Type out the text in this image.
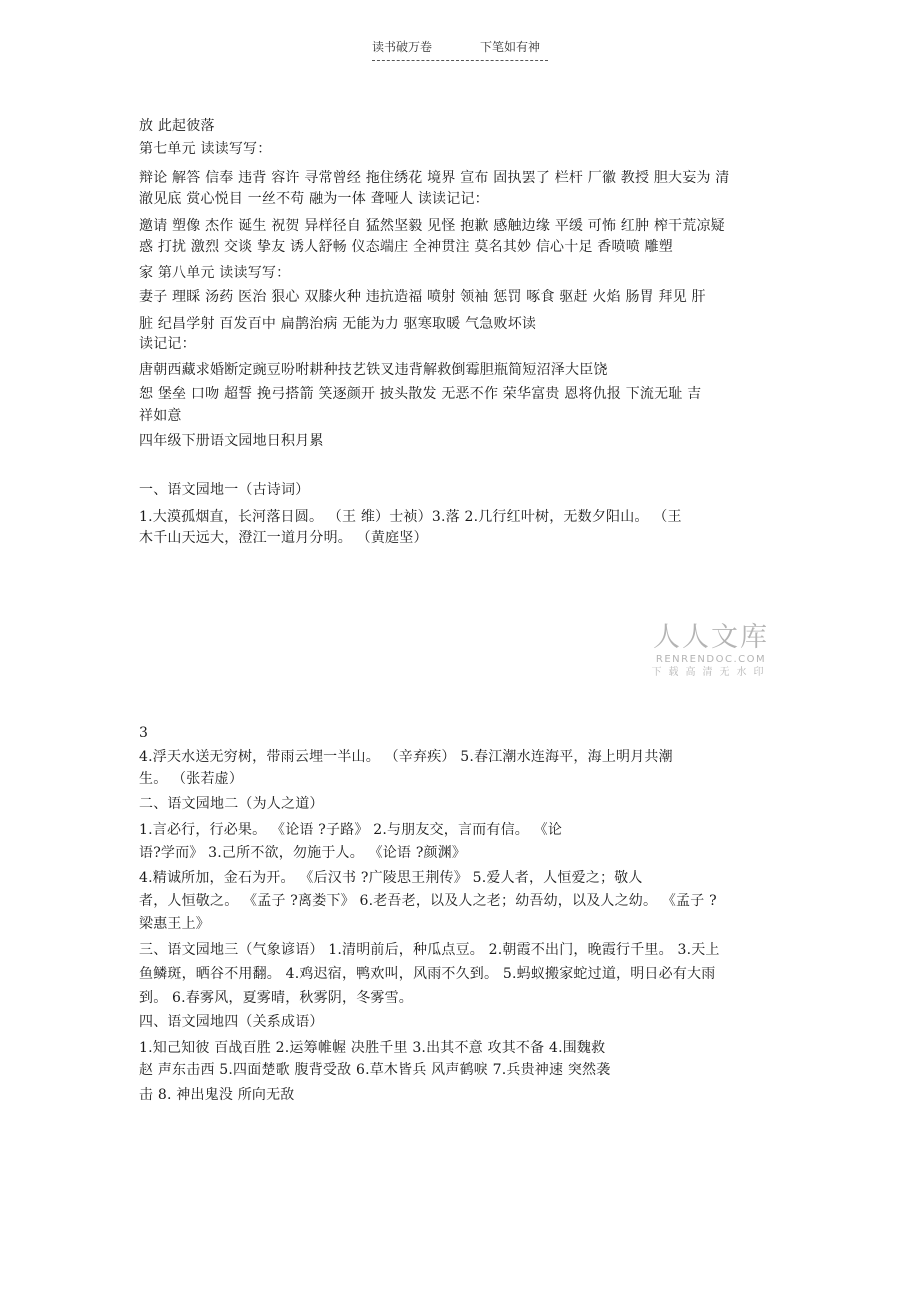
读书破万卷	下笔如有神
放 此起彼落
第七单元 读读写写：
辩论 解答 信奉 违背 容许 寻常曾经 拖住绣花 境界 宣布 固执罢了 栏杆 厂徽 教授 胆大妄为 清
澈见底 赏心悦目 一丝不苟 融为一体 聋哑人 读读记记：
邀请 塑像 杰作 诞生 祝贺 异样径自 猛然坚毅 见怪 抱歉 感触边缘 平缓 可怖 红肿 榨干荒凉疑
惑 打扰 激烈 交谈 挚友 诱人舒畅 仪态端庄 全神贯注 莫名其妙 信心十足 香喷喷 雕塑
家 第八单元 读读写写：
妻子 理睬 汤药 医治 狠心 双膝火种 违抗造福 喷射 领袖 惩罚 啄食 驱赶 火焰 肠胃 拜见 肝
脏 纪昌学射 百发百中 扁鹊治病 无能为力 驱寒取暖 气急败坏读
读记记：
唐朝西藏求婚断定豌豆吩咐耕种技艺铁叉违背解救倒霉胆瓶简短沼泽大臣饶
恕 堡垒 口吻 超誓 挽弓搭箭 笑逐颜开 披头散发 无恶不作 荣华富贵 恩将仇报 下流无耻 吉
祥如意
四年级下册语文园地日积月累
一、语文园地一（古诗词）
1.大漠孤烟直，长河落日圆。 （王 维）士祯）3.落 2.几行红叶树，无数夕阳山。 （王
木千山天远大，澄江一道月分明。 （黄庭坚）
人人文库
RENRENDOC.COM
下载高清无水印
3
4.浮天水送无穷树，带雨云埋一半山。 （辛弃疾） 5.春江潮水连海平，海上明月共潮
生。 （张若虚）
二、语文园地二（为人之道）
1.言必行，行必果。 《论语 ?子路》 2.与朋友交，言而有信。 《论
语?学而》 3.己所不欲，勿施于人。 《论语 ?颜渊》
4.精诚所加，金石为开。 《后汉书 ?广陵思王荆传》 5.爱人者，人恒爱之；敬人
者，人恒敬之。 《孟子 ?离娄下》 6.老吾老，以及人之老；幼吾幼，以及人之幼。 《孟子 ?
梁惠王上》
三、语文园地三（气象谚语） 1.清明前后，种瓜点豆。 2.朝霞不出门，晚霞行千里。 3.天上
鱼鳞斑，晒谷不用翻。 4.鸡迟宿，鸭欢叫，风雨不久到。 5.蚂蚁搬家蛇过道，明日必有大雨
到。 6.春雾风，夏雾晴，秋雾阴，冬雾雪。
四、语文园地四（关系成语）
1.知己知彼 百战百胜 2.运筹帷幄 决胜千里 3.出其不意 攻其不备 4.围魏救
赵 声东击西 5.四面楚歌 腹背受敌 6.草木皆兵 风声鹤唳 7.兵贵神速 突然袭
击 8. 神出鬼没 所向无敌
